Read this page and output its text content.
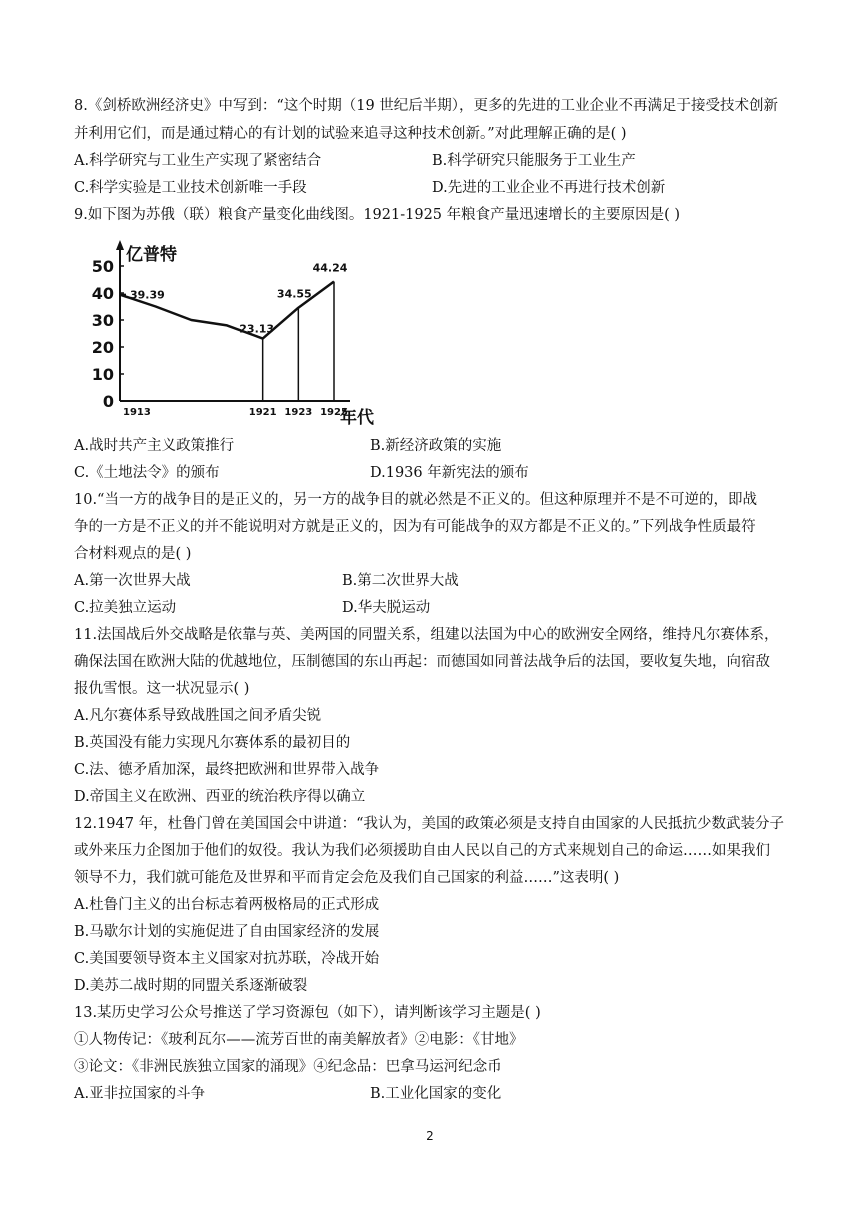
8.《剑桥欧洲经济史》中写到：“这个时期（19 世纪后半期），更多的先进的工业企业不再满足于接受技术创新
并利用它们，而是通过精心的有计划的试验来追寻这种技术创新。”对此理解正确的是( )
A.科学研究与工业生产实现了紧密结合	B.科学研究只能服务于工业生产
C.科学实验是工业技术创新唯一手段	D.先进的工业企业不再进行技术创新
9.如下图为苏俄（联）粮食产量变化曲线图。1921-1925 年粮食产量迅速增长的主要原因是( )
亿普特
年代
0
10
20
30
40
50
1913	1921 1923 1925
39.39
23.13
34.55
44.24
A.战时共产主义政策推行	B.新经济政策的实施
C.《土地法令》的颁布	D.1936 年新宪法的颁布
10.“当一方的战争目的是正义的，另一方的战争目的就必然是不正义的。但这种原理并不是不可逆的，即战
争的一方是不正义的并不能说明对方就是正义的，因为有可能战争的双方都是不正义的。”下列战争性质最符
合材料观点的是( )
A.第一次世界大战	B.第二次世界大战
C.拉美独立运动	D.华夫脱运动
11.法国战后外交战略是依靠与英、美两国的同盟关系，组建以法国为中心的欧洲安全网络，维持凡尔赛体系，
确保法国在欧洲大陆的优越地位，压制德国的东山再起：而德国如同普法战争后的法国，要收复失地，向宿敌
报仇雪恨。这一状况显示( )
A.凡尔赛体系导致战胜国之间矛盾尖锐
B.英国没有能力实现凡尔赛体系的最初目的
C.法、德矛盾加深，最终把欧洲和世界带入战争
D.帝国主义在欧洲、西亚的统治秩序得以确立
12.1947 年，杜鲁门曾在美国国会中讲道：“我认为，美国的政策必须是支持自由国家的人民抵抗少数武装分子
或外来压力企图加于他们的奴役。我认为我们必须援助自由人民以自己的方式来规划自己的命运……如果我们
领导不力，我们就可能危及世界和平而肯定会危及我们自己国家的利益……”这表明( )
A.杜鲁门主义的出台标志着两极格局的正式形成
B.马歇尔计划的实施促进了自由国家经济的发展
C.美国要领导资本主义国家对抗苏联，冷战开始
D.美苏二战时期的同盟关系逐渐破裂
13.某历史学习公众号推送了学习资源包（如下），请判断该学习主题是( )
①人物传记：《玻利瓦尔——流芳百世的南美解放者》②电影：《甘地》
③论文：《非洲民族独立国家的涌现》④纪念品：巴拿马运河纪念币
A.亚非拉国家的斗争	B.工业化国家的变化
2
